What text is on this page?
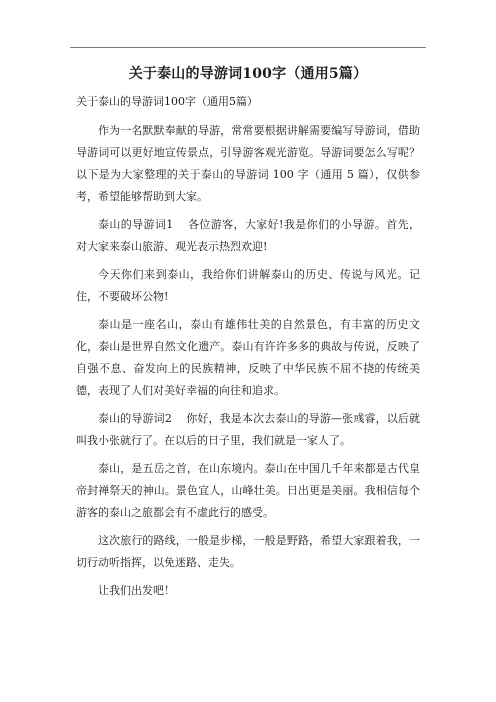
关于泰山的导游词100字（通用5篇）

关于泰山的导游词100字（通用5篇）

作为一名默默奉献的导游，常常要根据讲解需要编写导游词，借助导游词可以更好地宣传景点，引导游客观光游览。导游词要怎么写呢？以下是为大家整理的关于泰山的导游词 100 字（通用 5 篇），仅供参考，希望能够帮助到大家。

泰山的导游词1 各位游客，大家好!我是你们的小导游。首先，对大家来泰山旅游、观光表示热烈欢迎!

今天你们来到泰山，我给你们讲解泰山的历史、传说与风光。记住，不要破坏公物!

泰山是一座名山，泰山有雄伟壮美的自然景色，有丰富的历史文化，泰山是世界自然文化遗产。泰山有许许多多的典故与传说，反映了自强不息、奋发向上的民族精神，反映了中华民族不屈不挠的传统美德，表现了人们对美好幸福的向往和追求。

泰山的导游词2 你好，我是本次去泰山的导游—张彧睿，以后就叫我小张就行了。在以后的日子里，我们就是一家人了。

泰山，是五岳之首，在山东境内。泰山在中国几千年来都是古代皇帝封禅祭天的神山。景色宜人，山峰壮美。日出更是美丽。我相信每个游客的泰山之旅都会有不虚此行的感受。

这次旅行的路线，一般是步梯，一般是野路，希望大家跟着我，一切行动听指挥，以免迷路、走失。

让我们出发吧！
